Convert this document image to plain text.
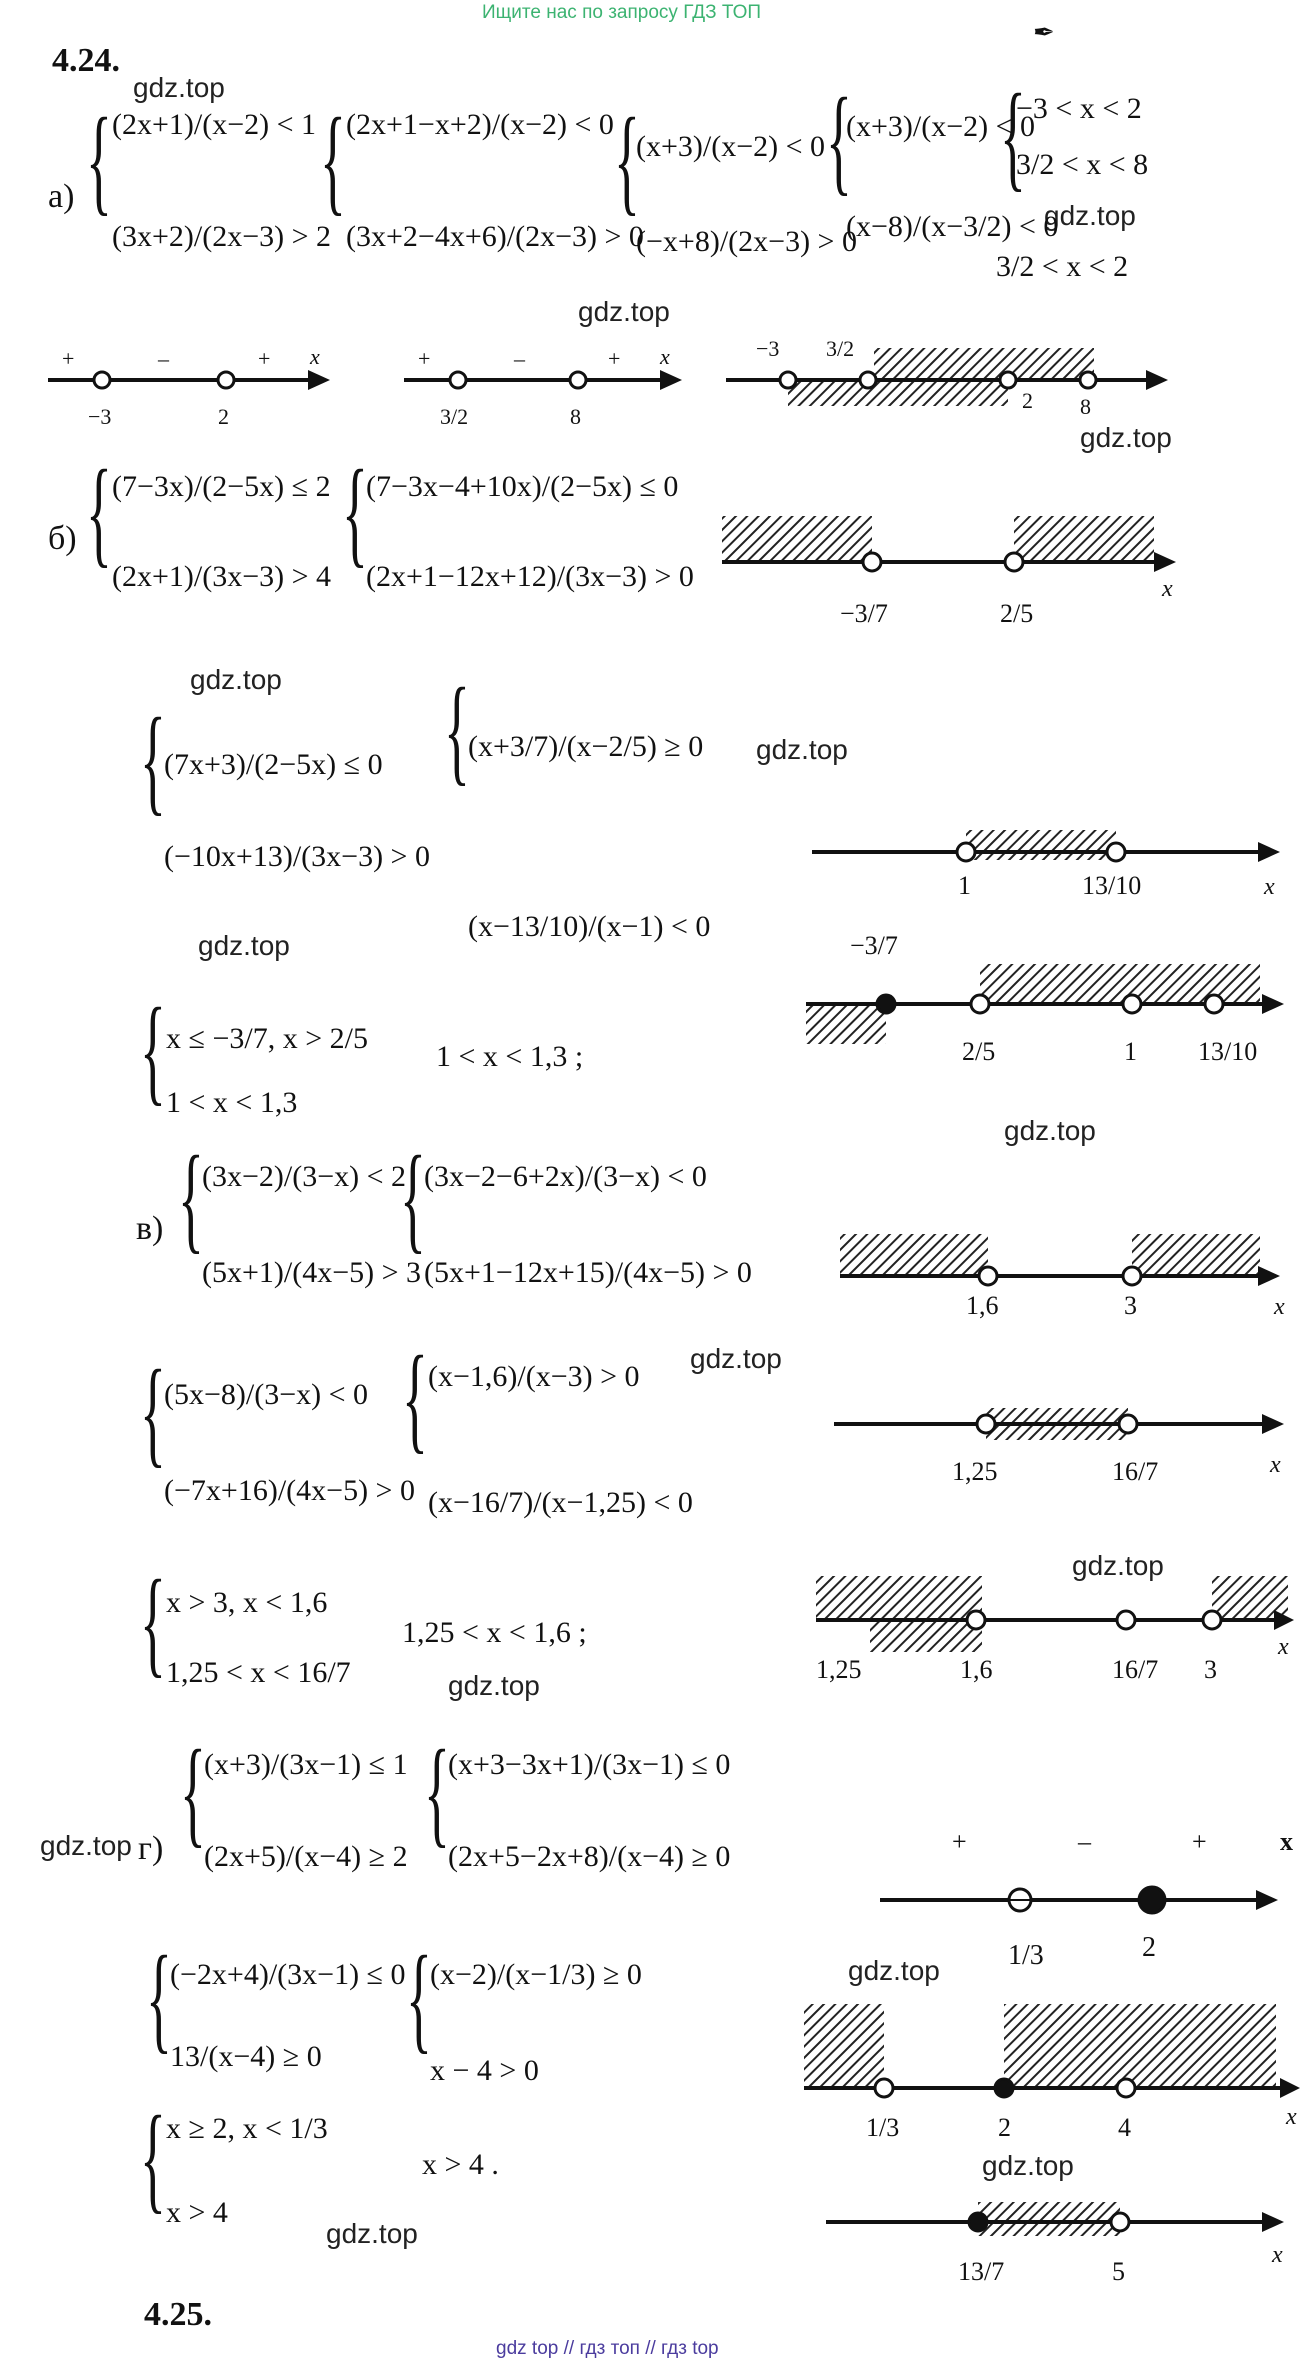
Ищите нас по запросу ГДЗ ТОП
✒
4.24.
gdz.top
gdz.top
gdz.top
gdz.top
gdz.top
gdz.top
gdz.top
gdz.top
gdz.top
gdz.top
gdz.top
gdz.top
gdz.top
gdz.top
gdz.top
а) { (2x+1)/(x−2) < 1
(3x+2)/(2x−3) > 2
{ (2x+1−x+2)/(x−2) < 0
(3x+2−4x+6)/(2x−3) > 0
{
(x+3)/(x−2) < 0
(−x+8)/(2x−3) > 0
{
(x+3)/(x−2) < 0
(x−8)/(x−3/2) < 0
{
−3 < x < 2
3/2 < x < 8
3/2 < x < 2
+	–	+ x
−3	2
+	–	+ x
3/2	8
−3 3/2
2 8
б) { (7−3x)/(2−5x) ≤ 2
(2x+1)/(3x−3) > 4 {
(7−3x−4+10x)/(2−5x) ≤ 0
(2x+1−12x+12)/(3x−3) > 0	x
−3/7	2/5
{
(7x+3)/(2−5x) ≤ 0
(−10x+13)/(3x−3) > 0
{
(x+3/7)/(x−2/5) ≥ 0
(x−13/10)/(x−1) < 0
x
1	13/10
−3/7
2/5	1 13/10
{ x ≤ −3/7, x > 2/5
1 < x < 1,3
1 < x < 1,3 ;
в) {
(3x−2)/(3−x) < 2
(5x+1)/(4x−5) > 3
{
(3x−2−6+2x)/(3−x) < 0
(5x+1−12x+15)/(4x−5) > 0
x
1,6	3
{
(5x−8)/(3−x) < 0
(−7x+16)/(4x−5) > 0
{ (x−1,6)/(x−3) > 0
(x−16/7)/(x−1,25) < 0
x
1,25	16/7
{ x > 3, x < 1,6
1,25 < x < 16/7
1,25 < x < 1,6 ;	x
1,25	1,6	16/7 3
г) {
(x+3)/(3x−1) ≤ 1
(2x+5)/(x−4) ≥ 2 {
(x+3−3x+1)/(3x−1) ≤ 0
(2x+5−2x+8)/(x−4) ≥ 0	+	–	+	x
1/3	2
{
(−2x+4)/(3x−1) ≤ 0
13/(x−4) ≥ 0 {
(x−2)/(x−1/3) ≥ 0
x − 4 > 0
x
1/3	2	4
{ x ≥ 2, x < 1/3
x > 4
x > 4 .
x
13/7	5
4.25.
gdz top // гдз топ // гдз top
